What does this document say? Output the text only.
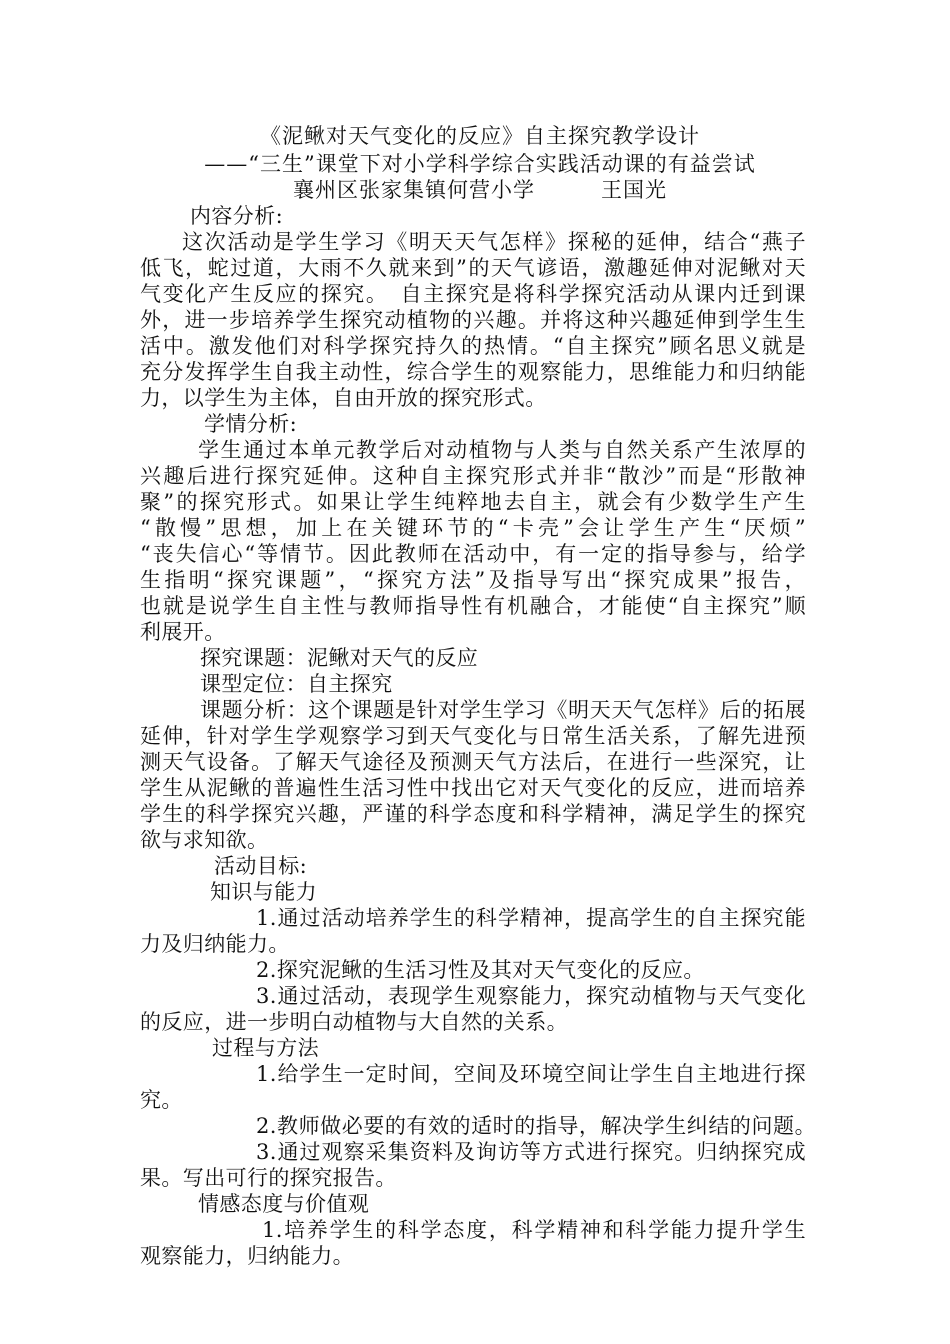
《泥鳅对天气变化的反应》自主探究教学设计
——“三生”课堂下对小学科学综合实践活动课的有益尝试
襄州区张家集镇何营小学　　　王国光
内容分析:
这次活动是学生学习《明天天气怎样》探秘的延伸，结合“燕子
低飞，蛇过道，大雨不久就来到”的天气谚语，激趣延伸对泥鳅对天
气变化产生反应的探究。　自主探究是将科学探究活动从课内迁到课
外，进一步培养学生探究动植物的兴趣。并将这种兴趣延伸到学生生
活中。激发他们对科学探究持久的热情。“自主探究”顾名思义就是
充分发挥学生自我主动性，综合学生的观察能力，思维能力和归纳能
力，以学生为主体，自由开放的探究形式。
学情分析:
学生通过本单元教学后对动植物与人类与自然关系产生浓厚的
兴趣后进行探究延伸。这种自主探究形式并非“散沙”而是“形散神
聚”的探究形式。如果让学生纯粹地去自主，就会有少数学生产生
“散慢”思想，加上在关键环节的“卡壳”会让学生产生“厌烦”
“丧失信心“等情节。因此教师在活动中，有一定的指导参与，给学
生指明“探究课题”，“探究方法”及指导写出“探究成果”报告，
也就是说学生自主性与教师指导性有机融合，才能使“自主探究”顺
利展开。
探究课题：泥鳅对天气的反应
课型定位：自主探究
课题分析：这个课题是针对学生学习《明天天气怎样》后的拓展
延伸，针对学生学观察学习到天气变化与日常生活关系，了解先进预
测天气设备。了解天气途径及预测天气方法后，在进行一些深究，让
学生从泥鳅的普遍性生活习性中找出它对天气变化的反应，进而培养
学生的科学探究兴趣，严谨的科学态度和科学精神，满足学生的探究
欲与求知欲。
活动目标:
知识与能力
1.通过活动培养学生的科学精神，提高学生的自主探究能
力及归纳能力。
2.探究泥鳅的生活习性及其对天气变化的反应。
3.通过活动，表现学生观察能力，探究动植物与天气变化
的反应，进一步明白动植物与大自然的关系。
过程与方法
1.给学生一定时间，空间及环境空间让学生自主地进行探
究。
2.教师做必要的有效的适时的指导，解决学生纠结的问题。
3.通过观察采集资料及询访等方式进行探究。归纳探究成
果。写出可行的探究报告。
情感态度与价值观
1.培养学生的科学态度，科学精神和科学能力提升学生
观察能力，归纳能力。
